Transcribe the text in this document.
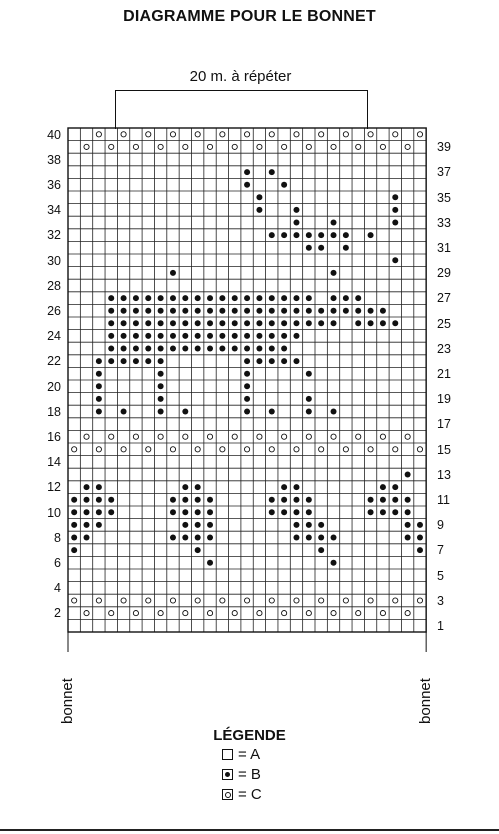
DIAGRAMME POUR LE BONNET
20 m. à répéter
40
38
36
34
32
30
28
26
24
22
20
18
16
14
12
10
8
6
4
2
39
37
35
33
31
29
27
25
23
21
19
17
15
13
11
9
7
5
3
1
bonnet	bonnet
LÉGENDE
= A
= B
= C
